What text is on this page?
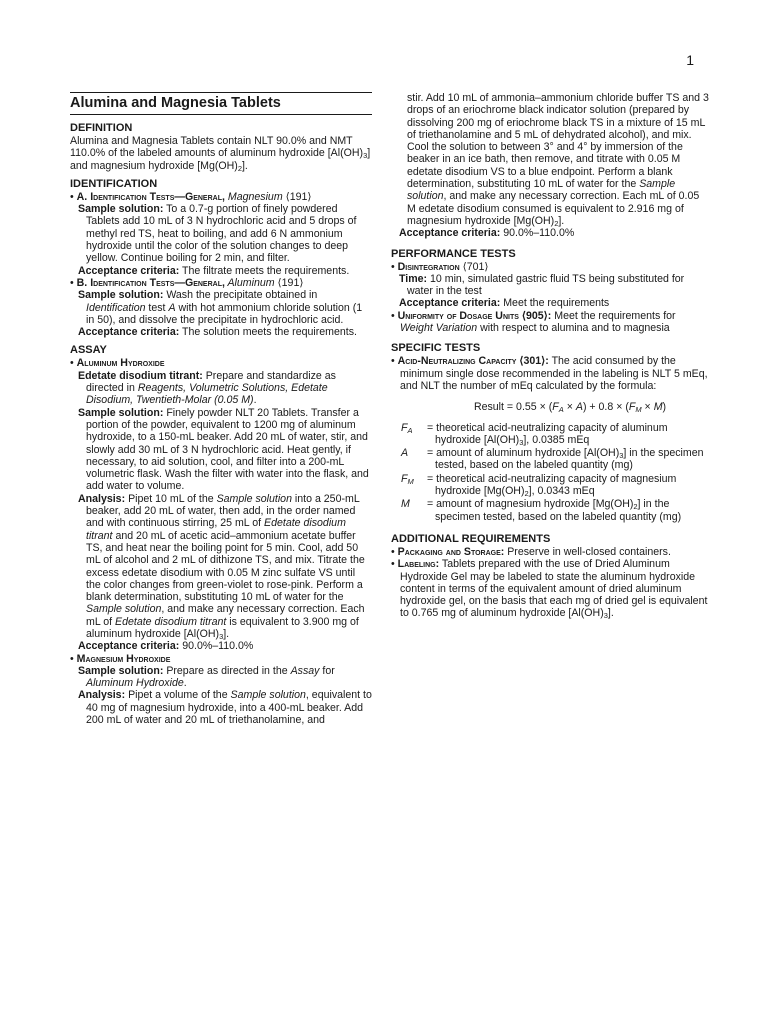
1
Alumina and Magnesia Tablets
DEFINITION

Alumina and Magnesia Tablets contain NLT 90.0% and NMT 110.0% of the labeled amounts of aluminum hydroxide $[Al(OH)_3]$ and magnesium hydroxide $[Mg(OH)_2]$.

IDENTIFICATION

• A. Identification Tests—General, Magnesium ⟨191⟩

Sample solution: To a 0.7-g portion of finely powdered Tablets add 10 mL of 3 N hydrochloric acid and 5 drops of methyl red TS, heat to boiling, and add 6 N ammonium hydroxide until the color of the solution changes to deep yellow. Continue boiling for 2 min, and filter.

Acceptance criteria: The filtrate meets the requirements.

• B. Identification Tests—General, Aluminum ⟨191⟩

Sample solution: Wash the precipitate obtained in Identification test A with hot ammonium chloride solution (1 in 50), and dissolve the precipitate in hydrochloric acid.

Acceptance criteria: The solution meets the requirements.

ASSAY

• Aluminum Hydroxide

Edetate disodium titrant: Prepare and standardize as directed in Reagents, Volumetric Solutions, Edetate Disodium, Twentieth-Molar (0.05 M).

Sample solution: Finely powder NLT 20 Tablets. Transfer a portion of the powder, equivalent to 1200 mg of aluminum hydroxide, to a 150-mL beaker. Add 20 mL of water, stir, and slowly add 30 mL of 3 N hydrochloric acid. Heat gently, if necessary, to aid solution, cool, and filter into a 200-mL volumetric flask. Wash the filter with water into the flask, and add water to volume.

Analysis: Pipet 10 mL of the Sample solution into a 250-mL beaker, add 20 mL of water, then add, in the order named and with continuous stirring, 25 mL of Edetate disodium titrant and 20 mL of acetic acid–ammonium acetate buffer TS, and heat near the boiling point for 5 min. Cool, add 50 mL of alcohol and 2 mL of dithizone TS, and mix. Titrate the excess edetate disodium with 0.05 M zinc sulfate VS until the color changes from green-violet to rose-pink. Perform a blank determination, substituting 10 mL of water for the Sample solution, and make any necessary correction. Each mL of Edetate disodium titrant is equivalent to 3.900 mg of aluminum hydroxide $[Al(OH)_3]$.

Acceptance criteria: 90.0%–110.0%

• Magnesium Hydroxide

Sample solution: Prepare as directed in the Assay for Aluminum Hydroxide.

Analysis: Pipet a volume of the Sample solution, equivalent to 40 mg of magnesium hydroxide, into a 400-mL beaker. Add 200 mL of water and 20 mL of triethanolamine, and

stir. Add 10 mL of ammonia–ammonium chloride buffer TS and 3 drops of an eriochrome black indicator solution (prepared by dissolving 200 mg of eriochrome black TS in a mixture of 15 mL of triethanolamine and 5 mL of dehydrated alcohol), and mix. Cool the solution to between 3° and 4° by immersion of the beaker in an ice bath, then remove, and titrate with 0.05 M edetate disodium VS to a blue endpoint. Perform a blank determination, substituting 10 mL of water for the Sample solution, and make any necessary correction. Each mL of 0.05 M edetate disodium consumed is equivalent to 2.916 mg of magnesium hydroxide $[Mg(OH)_2]$.

Acceptance criteria: 90.0%–110.0%

PERFORMANCE TESTS

• Disintegration ⟨701⟩

Time: 10 min, simulated gastric fluid TS being substituted for water in the test

Acceptance criteria: Meet the requirements

• Uniformity of Dosage Units ⟨905⟩: Meet the requirements for Weight Variation with respect to alumina and to magnesia

SPECIFIC TESTS

• Acid-Neutralizing Capacity ⟨301⟩: The acid consumed by the minimum single dose recommended in the labeling is NLT 5 mEq, and NLT the number of mEq calculated by the formula:

Result = $0.55 \times (F_A \times A) + 0.8 \times (F_M \times M)$
$F_A$	= theoretical acid-neutralizing capacity of aluminum hydroxide $[Al(OH)_3]$, 0.0385 mEq
A	= amount of aluminum hydroxide $[Al(OH)_3]$ in the specimen tested, based on the labeled quantity (mg)
$F_M$	= theoretical acid-neutralizing capacity of magnesium hydroxide $[Mg(OH)_2]$, 0.0343 mEq
M	= amount of magnesium hydroxide $[Mg(OH)_2]$ in the specimen tested, based on the labeled quantity (mg)
ADDITIONAL REQUIREMENTS

• Packaging and Storage: Preserve in well-closed containers.

• Labeling: Tablets prepared with the use of Dried Aluminum Hydroxide Gel may be labeled to state the aluminum hydroxide content in terms of the equivalent amount of dried aluminum hydroxide gel, on the basis that each mg of dried gel is equivalent to 0.765 mg of aluminum hydroxide $[Al(OH)_3]$.
